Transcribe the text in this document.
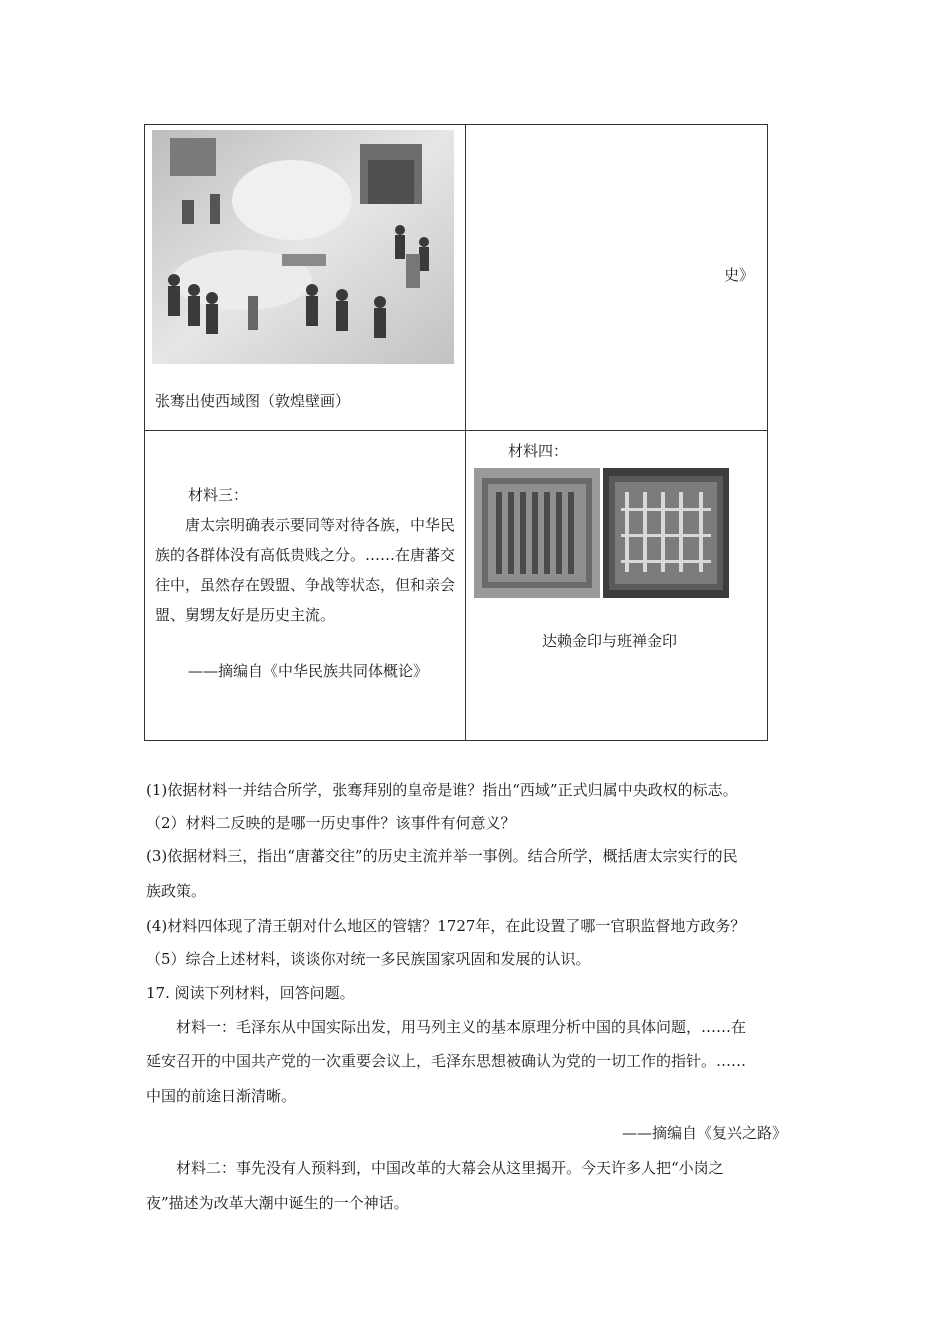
张骞出使西域图（敦煌壁画）
史》
材料三：

唐太宗明确表示要同等对待各族，中华民族的各群体没有高低贵贱之分。……在唐蕃交往中，虽然存在毁盟、争战等状态，但和亲会盟、舅甥友好是历史主流。

——摘编自《中华民族共同体概论》
材料四：
达赖金印与班禅金印
(1)依据材料一并结合所学，张骞拜别的皇帝是谁？指出“西域”正式归属中央政权的标志。
（2）材料二反映的是哪一历史事件？该事件有何意义？
(3)依据材料三，指出“唐蕃交往”的历史主流并举一事例。结合所学，概括唐太宗实行的民
族政策。
(4)材料四体现了清王朝对什么地区的管辖？1727年，在此设置了哪一官职监督地方政务？
（5）综合上述材料，谈谈你对统一多民族国家巩固和发展的认识。
17. 阅读下列材料，回答问题。
材料一：毛泽东从中国实际出发，用马列主义的基本原理分析中国的具体问题，……在
延安召开的中国共产党的一次重要会议上，毛泽东思想被确认为党的一切工作的指针。……
中国的前途日渐清晰。
——摘编自《复兴之路》
材料二：事先没有人预料到，中国改革的大幕会从这里揭开。今天许多人把“小岗之
夜”描述为改革大潮中诞生的一个神话。
